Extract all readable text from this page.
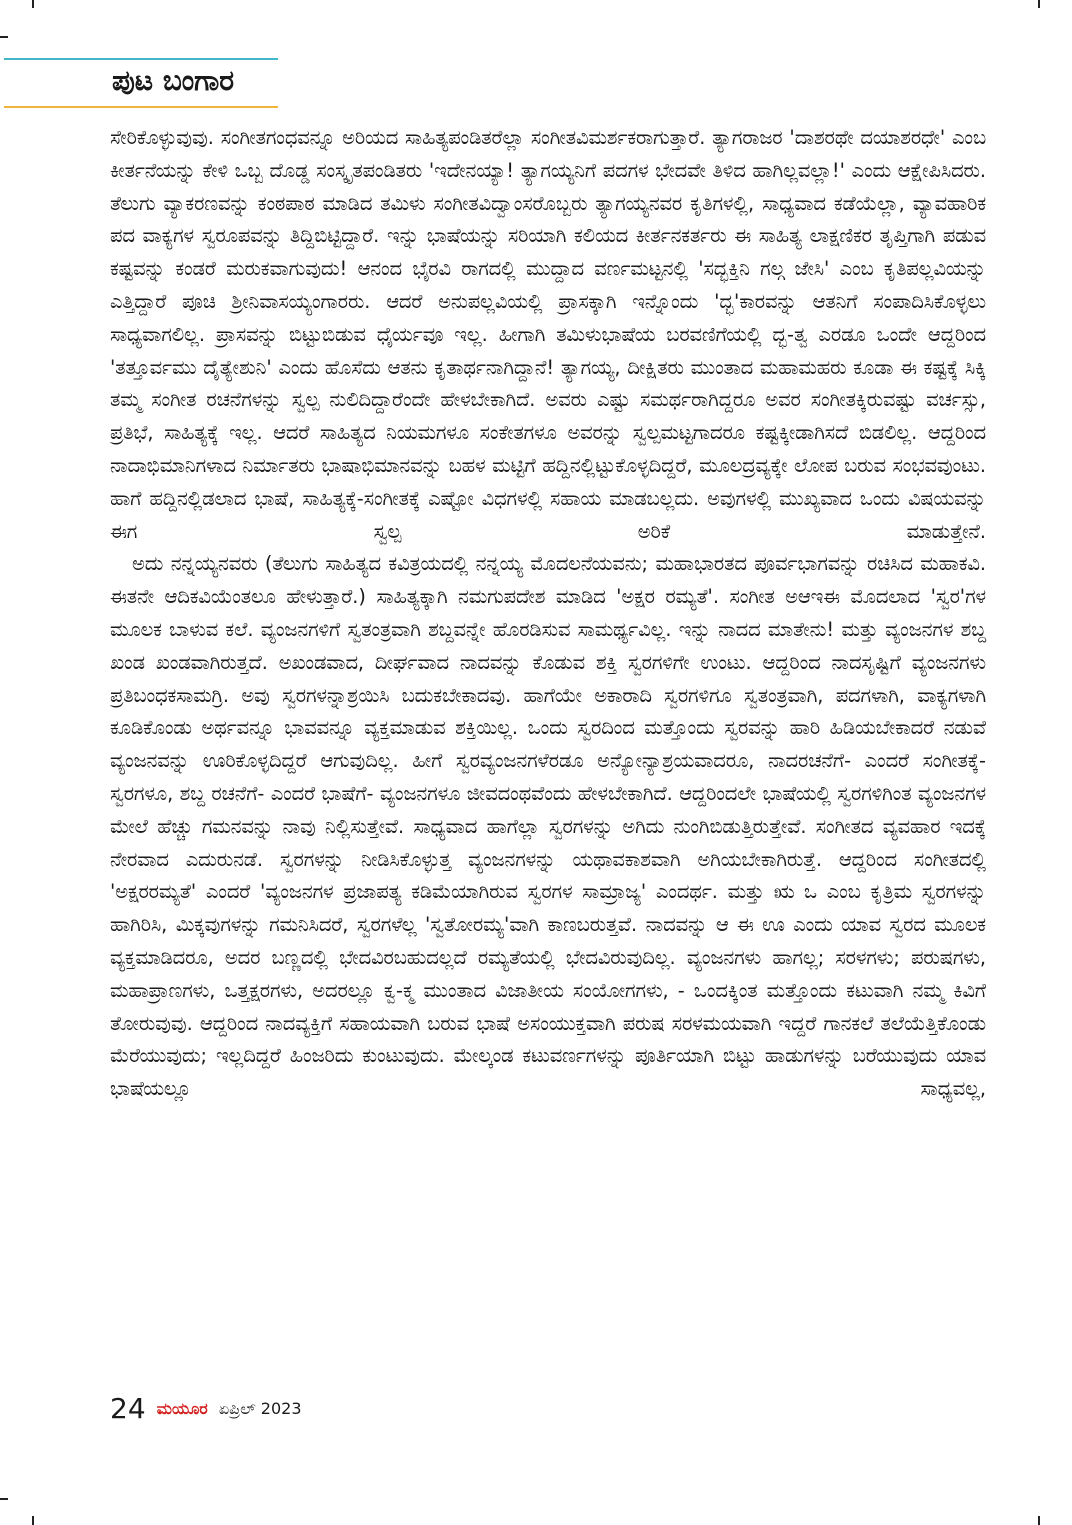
ಪುಟ ಬಂಗಾರ

ಸೇರಿಕೊಳ್ಳುವುವು. ಸಂಗೀತಗಂಧವನ್ನೂ ಅರಿಯದ ಸಾಹಿತ್ಯಪಂಡಿತರೆಲ್ಲಾ ಸಂಗೀತವಿಮರ್ಶಕರಾಗುತ್ತಾರೆ. ತ್ಯಾಗರಾಜರ 'ದಾಶರಥೇ ದಯಾಶರಧೇ' ಎಂಬ ಕೀರ್ತನೆಯನ್ನು ಕೇಳಿ ಒಬ್ಬ ದೊಡ್ಡ ಸಂಸ್ಕೃತಪಂಡಿತರು 'ಇದೇನಯ್ಯಾ! ತ್ಯಾಗಯ್ಯನಿಗೆ ಪದಗಳ ಭೇದವೇ ತಿಳಿದ ಹಾಗಿಲ್ಲವಲ್ಲಾ!' ಎಂದು ಆಕ್ಷೇಪಿಸಿದರು. ತೆಲುಗು ವ್ಯಾಕರಣವನ್ನು ಕಂಠಪಾಠ ಮಾಡಿದ ತಮಿಳು ಸಂಗೀತವಿದ್ವಾಂಸರೊಬ್ಬರು ತ್ಯಾಗಯ್ಯನವರ ಕೃತಿಗಳಲ್ಲಿ, ಸಾಧ್ಯವಾದ ಕಡೆಯೆಲ್ಲಾ, ವ್ಯಾವಹಾರಿಕ ಪದ ವಾಕ್ಯಗಳ ಸ್ವರೂಪವನ್ನು ತಿದ್ದಿಬಿಟ್ಟಿದ್ದಾರೆ. ಇನ್ನು ಭಾಷೆಯನ್ನು ಸರಿಯಾಗಿ ಕಲಿಯದ ಕೀರ್ತನಕರ್ತರು ಈ ಸಾಹಿತ್ಯ ಲಾಕ್ಷಣಿಕರ ತೃಪ್ತಿಗಾಗಿ ಪಡುವ ಕಷ್ಟವನ್ನು ಕಂಡರೆ ಮರುಕವಾಗುವುದು! ಆನಂದ ಭೈರವಿ ರಾಗದಲ್ಲಿ ಮುದ್ದಾದ ವರ್ಣಮಟ್ಟನಲ್ಲಿ 'ಸದ್ಭಕ್ತಿನಿ ಗಲ್ಗ ಜೇಸಿ' ಎಂಬ ಕೃತಿಪಲ್ಲವಿಯನ್ನು ಎತ್ತಿದ್ದಾರೆ ಪೂಚಿ ಶ್ರೀನಿವಾಸಯ್ಯಂಗಾರರು. ಆದರೆ ಅನುಪಲ್ಲವಿಯಲ್ಲಿ ಪ್ರಾಸಕ್ಕಾಗಿ ಇನ್ನೊಂದು 'ದ್ಭ'ಕಾರವನ್ನು ಆತನಿಗೆ ಸಂಪಾದಿಸಿಕೊಳ್ಳಲು ಸಾಧ್ಯವಾಗಲಿಲ್ಲ. ಪ್ರಾಸವನ್ನು ಬಿಟ್ಟುಬಿಡುವ ಧೈರ್ಯವೂ ಇಲ್ಲ. ಹೀಗಾಗಿ ತಮಿಳುಭಾಷೆಯ ಬರವಣಿಗೆಯಲ್ಲಿ ದ್ಭ-ತ್ವ ಎರಡೂ ಒಂದೇ ಆದ್ದರಿಂದ 'ತತ್ತೂರ್ವಮು ದೈತ್ಯೇಶುನಿ' ಎಂದು ಹೊಸೆದು ಆತನು ಕೃತಾರ್ಥನಾಗಿದ್ದಾನೆ! ತ್ಯಾಗಯ್ಯ, ದೀಕ್ಷಿತರು ಮುಂತಾದ ಮಹಾಮಹರು ಕೂಡಾ ಈ ಕಷ್ಟಕ್ಕೆ ಸಿಕ್ಕಿ ತಮ್ಮ ಸಂಗೀತ ರಚನೆಗಳನ್ನು ಸ್ವಲ್ಪ ನುಲಿದಿದ್ದಾರೆಂದೇ ಹೇಳಬೇಕಾಗಿದೆ. ಅವರು ಎಷ್ಟು ಸಮರ್ಥರಾಗಿದ್ದರೂ ಅವರ ಸಂಗೀತಕ್ಕಿರುವಷ್ಟು ವರ್ಚಸ್ಸು, ಪ್ರತಿಭೆ, ಸಾಹಿತ್ಯಕ್ಕೆ ಇಲ್ಲ. ಆದರೆ ಸಾಹಿತ್ಯದ ನಿಯಮಗಳೂ ಸಂಕೇತಗಳೂ ಅವರನ್ನು ಸ್ವಲ್ಪಮಟ್ಟಗಾದರೂ ಕಷ್ಟಕ್ಕೀಡಾಗಿಸದೆ ಬಿಡಲಿಲ್ಲ. ಆದ್ದರಿಂದ ನಾದಾಭಿಮಾನಿಗಳಾದ ನಿರ್ಮಾತರು ಭಾಷಾಭಿಮಾನವನ್ನು ಬಹಳ ಮಟ್ಟಿಗೆ ಹದ್ದಿನಲ್ಲಿಟ್ಟುಕೊಳ್ಳದಿದ್ದರೆ, ಮೂಲದ್ರವ್ಯಕ್ಕೇ ಲೋಪ ಬರುವ ಸಂಭವವುಂಟು. ಹಾಗೆ ಹದ್ದಿನಲ್ಲಿಡಲಾದ ಭಾಷೆ, ಸಾಹಿತ್ಯಕ್ಕೆ-ಸಂಗೀತಕ್ಕೆ ಎಷ್ಟೋ ವಿಧಗಳಲ್ಲಿ ಸಹಾಯ ಮಾಡಬಲ್ಲದು. ಅವುಗಳಲ್ಲಿ ಮುಖ್ಯವಾದ ಒಂದು ವಿಷಯವನ್ನು ಈಗ ಸ್ವಲ್ಪ ಅರಿಕೆ ಮಾಡುತ್ತೇನೆ.

ಅದು ನನ್ನಯ್ಯನವರು (ತೆಲುಗು ಸಾಹಿತ್ಯದ ಕವಿತ್ರಯದಲ್ಲಿ ನನ್ನಯ್ಯ ಮೊದಲನೆಯವನು; ಮಹಾಭಾರತದ ಪೂರ್ವಭಾಗವನ್ನು ರಚಿಸಿದ ಮಹಾಕವಿ. ಈತನೇ ಆದಿಕವಿಯೆಂತಲೂ ಹೇಳುತ್ತಾರೆ.) ಸಾಹಿತ್ಯಕ್ಕಾಗಿ ನಮಗುಪದೇಶ ಮಾಡಿದ 'ಅಕ್ಷರ ರಮ್ಯತೆ'. ಸಂಗೀತ ಅಆಇಈ ಮೊದಲಾದ 'ಸ್ವರ'ಗಳ ಮೂಲಕ ಬಾಳುವ ಕಲೆ. ವ್ಯಂಜನಗಳಿಗೆ ಸ್ವತಂತ್ರವಾಗಿ ಶಬ್ದವನ್ನೇ ಹೊರಡಿಸುವ ಸಾಮರ್ಥ್ಯವಿಲ್ಲ. ಇನ್ನು ನಾದದ ಮಾತೇನು! ಮತ್ತು ವ್ಯಂಜನಗಳ ಶಬ್ದ ಖಂಡ ಖಂಡವಾಗಿರುತ್ತದೆ. ಅಖಂಡವಾದ, ದೀರ್ಘವಾದ ನಾದವನ್ನು ಕೊಡುವ ಶಕ್ತಿ ಸ್ವರಗಳಿಗೇ ಉಂಟು. ಆದ್ದರಿಂದ ನಾದಸೃಷ್ಟಿಗೆ ವ್ಯಂಜನಗಳು ಪ್ರತಿಬಂಧಕಸಾಮಗ್ರಿ. ಅವು ಸ್ವರಗಳನ್ನಾಶ್ರಯಿಸಿ ಬದುಕಬೇಕಾದವು. ಹಾಗೆಯೇ ಅಕಾರಾದಿ ಸ್ವರಗಳಿಗೂ ಸ್ವತಂತ್ರವಾಗಿ, ಪದಗಳಾಗಿ, ವಾಕ್ಯಗಳಾಗಿ ಕೂಡಿಕೊಂಡು ಅರ್ಥವನ್ನೂ ಭಾವವನ್ನೂ ವ್ಯಕ್ತಮಾಡುವ ಶಕ್ತಿಯಿಲ್ಲ. ಒಂದು ಸ್ವರದಿಂದ ಮತ್ತೊಂದು ಸ್ವರವನ್ನು ಹಾರಿ ಹಿಡಿಯಬೇಕಾದರೆ ನಡುವೆ ವ್ಯಂಜನವನ್ನು ಊರಿಕೊಳ್ಳದಿದ್ದರೆ ಆಗುವುದಿಲ್ಲ. ಹೀಗೆ ಸ್ವರವ್ಯಂಜನಗಳೆರಡೂ ಅನ್ಯೋನ್ಯಾಶ್ರಯವಾದರೂ, ನಾದರಚನೆಗೆ- ಎಂದರೆ ಸಂಗೀತಕ್ಕೆ- ಸ್ವರಗಳೂ, ಶಬ್ದ ರಚನೆಗೆ- ಎಂದರೆ ಭಾಷೆಗೆ- ವ್ಯಂಜನಗಳೂ ಜೀವದಂಥವೆಂದು ಹೇಳಬೇಕಾಗಿದೆ. ಆದ್ದರಿಂದಲೇ ಭಾಷೆಯಲ್ಲಿ ಸ್ವರಗಳಿಗಿಂತ ವ್ಯಂಜನಗಳ ಮೇಲೆ ಹೆಚ್ಚು ಗಮನವನ್ನು ನಾವು ನಿಲ್ಲಿಸುತ್ತೇವೆ. ಸಾಧ್ಯವಾದ ಹಾಗೆಲ್ಲಾ ಸ್ವರಗಳನ್ನು ಅಗಿದು ನುಂಗಿಬಿಡುತ್ತಿರುತ್ತೇವೆ. ಸಂಗೀತದ ವ್ಯವಹಾರ ಇದಕ್ಕೆ ನೇರವಾದ ಎದುರುನಡೆ. ಸ್ವರಗಳನ್ನು ನೀಡಿಸಿಕೊಳ್ಳುತ್ತ ವ್ಯಂಜನಗಳನ್ನು ಯಥಾವಕಾಶವಾಗಿ ಅಗಿಯಬೇಕಾಗಿರುತ್ತೆ. ಆದ್ದರಿಂದ ಸಂಗೀತದಲ್ಲಿ 'ಅಕ್ಷರರಮ್ಯತೆ' ಎಂದರೆ 'ವ್ಯಂಜನಗಳ ಪ್ರಜಾಪತ್ಯ ಕಡಿಮೆಯಾಗಿರುವ ಸ್ವರಗಳ ಸಾಮ್ರಾಜ್ಯ' ಎಂದರ್ಥ. ಮತ್ತು ಋ ಒ ಎಂಬ ಕೃತ್ರಿಮ ಸ್ವರಗಳನ್ನು ಹಾಗಿರಿಸಿ, ಮಿಕ್ಕವುಗಳನ್ನು ಗಮನಿಸಿದರೆ, ಸ್ವರಗಳೆಲ್ಲ 'ಸ್ವತೋರಮ್ಯ'ವಾಗಿ ಕಾಣಬರುತ್ತವೆ. ನಾದವನ್ನು ಆ ಈ ಊ ಎಂದು ಯಾವ ಸ್ವರದ ಮೂಲಕ ವ್ಯಕ್ತಮಾಡಿದರೂ, ಅದರ ಬಣ್ಣದಲ್ಲಿ ಭೇದವಿರಬಹುದಲ್ಲದೆ ರಮ್ಯತೆಯಲ್ಲಿ ಭೇದವಿರುವುದಿಲ್ಲ. ವ್ಯಂಜನಗಳು ಹಾಗಲ್ಲ; ಸರಳಗಳು; ಪರುಷಗಳು, ಮಹಾಪ್ರಾಣಗಳು, ಒತ್ತಕ್ಷರಗಳು, ಅದರಲ್ಲೂ ಕ್ವ-ಕ್ಮ ಮುಂತಾದ ವಿಜಾತೀಯ ಸಂಯೋಗಗಳು, - ಒಂದಕ್ಕಿಂತ ಮತ್ತೊಂದು ಕಟುವಾಗಿ ನಮ್ಮ ಕಿವಿಗೆ ತೋರುವುವು. ಆದ್ದರಿಂದ ನಾದವ್ಯಕ್ತಿಗೆ ಸಹಾಯವಾಗಿ ಬರುವ ಭಾಷೆ ಅಸಂಯುಕ್ತವಾಗಿ ಪರುಷ ಸರಳಮಯವಾಗಿ ಇದ್ದರೆ ಗಾನಕಲೆ ತಲೆಯೆತ್ತಿಕೊಂಡು ಮೆರೆಯುವುದು; ಇಲ್ಲದಿದ್ದರೆ ಹಿಂಜರಿದು ಕುಂಟುವುದು. ಮೇಲ್ಕಂಡ ಕಟುವರ್ಣಗಳನ್ನು ಪೂರ್ತಿಯಾಗಿ ಬಿಟ್ಟು ಹಾಡುಗಳನ್ನು ಬರೆಯುವುದು ಯಾವ ಭಾಷೆಯಲ್ಲೂ ಸಾಧ್ಯವಲ್ಲ,

24 ಮಯೂರ ಏಪ್ರಿಲ್ 2023
